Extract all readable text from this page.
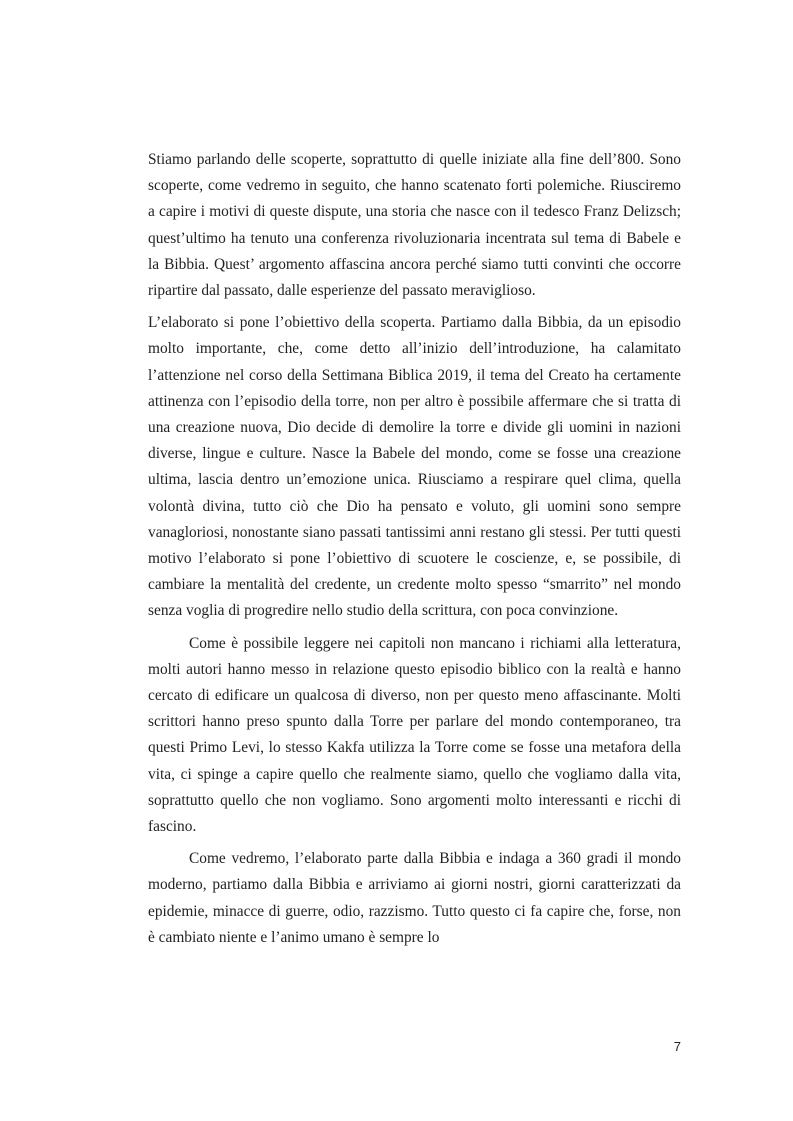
Stiamo parlando delle scoperte, soprattutto di quelle iniziate alla fine dell’800. Sono scoperte, come vedremo in seguito, che hanno scatenato forti polemiche. Riusciremo a capire i motivi di queste dispute, una storia che nasce con il tedesco Franz Delizsch; quest’ultimo ha tenuto una conferenza rivoluzionaria incentrata sul tema di Babele e la Bibbia. Quest’ argomento affascina ancora perché siamo tutti convinti che occorre ripartire dal passato, dalle esperienze del passato meraviglioso.

L’elaborato si pone l’obiettivo della scoperta. Partiamo dalla Bibbia, da un episodio molto importante, che, come detto all’inizio dell’introduzione, ha calamitato l’attenzione nel corso della Settimana Biblica 2019, il tema del Creato ha certamente attinenza con l’episodio della torre, non per altro è possibile affermare che si tratta di una creazione nuova, Dio decide di demolire la torre e divide gli uomini in nazioni diverse, lingue e culture. Nasce la Babele del mondo, come se fosse una creazione ultima, lascia dentro un’emozione unica. Riusciamo a respirare quel clima, quella volontà divina, tutto ciò che Dio ha pensato e voluto, gli uomini sono sempre vanagloriosi, nonostante siano passati tantissimi anni restano gli stessi. Per tutti questi motivo l’elaborato si pone l’obiettivo di scuotere le coscienze, e, se possibile, di cambiare la mentalità del credente, un credente molto spesso “smarrito” nel mondo senza voglia di progredire nello studio della scrittura, con poca convinzione.

Come è possibile leggere nei capitoli non mancano i richiami alla letteratura, molti autori hanno messo in relazione questo episodio biblico con la realtà e hanno cercato di edificare un qualcosa di diverso, non per questo meno affascinante. Molti scrittori hanno preso spunto dalla Torre per parlare del mondo contemporaneo, tra questi Primo Levi, lo stesso Kakfa utilizza la Torre come se fosse una metafora della vita, ci spinge a capire quello che realmente siamo, quello che vogliamo dalla vita, soprattutto quello che non vogliamo. Sono argomenti molto interessanti e ricchi di fascino.

Come vedremo, l’elaborato parte dalla Bibbia e indaga a 360 gradi il mondo moderno, partiamo dalla Bibbia e arriviamo ai giorni nostri, giorni caratterizzati da epidemie, minacce di guerre, odio, razzismo. Tutto questo ci fa capire che, forse, non è cambiato niente e l’animo umano è sempre lo

7
